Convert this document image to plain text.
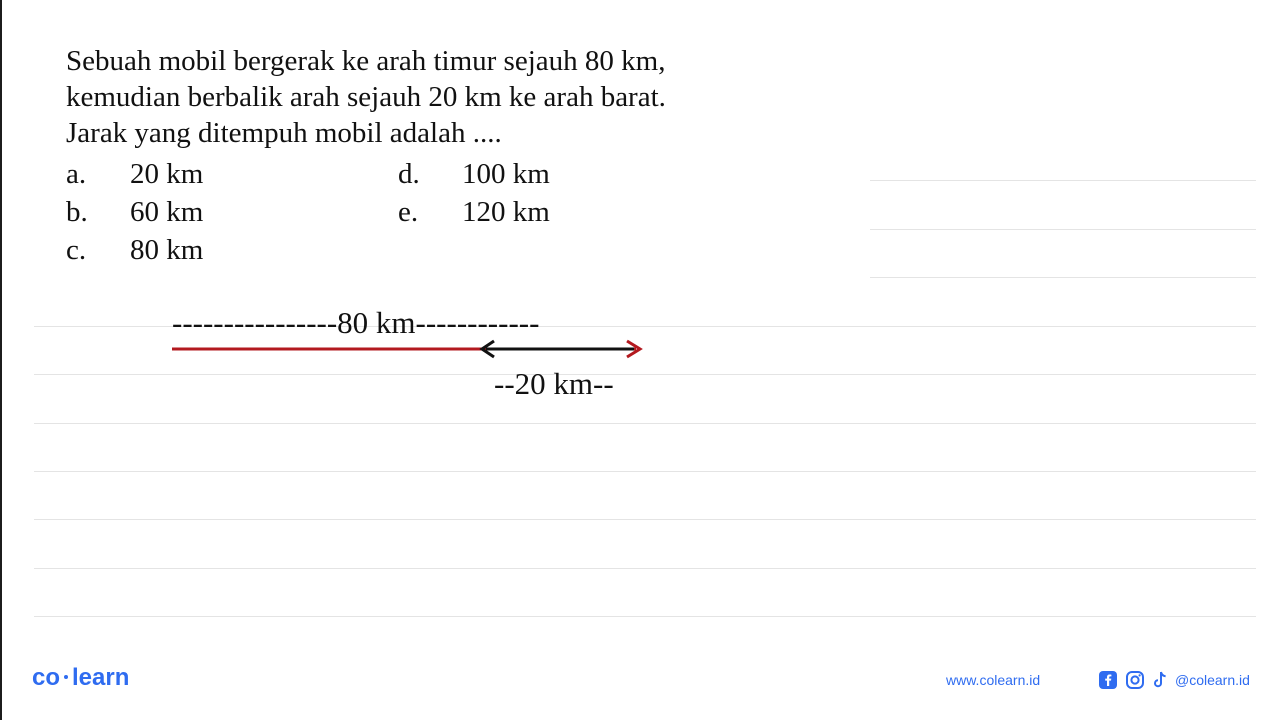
Sebuah mobil bergerak ke arah timur sejauh 80 km,
kemudian berbalik arah sejauh 20 km ke arah barat.
Jarak yang ditempuh mobil adalah ....
a. 20 km
b. 60 km
c. 80 km
d. 100 km
e. 120 km
----------------80 km------------
--20 km--
co learn	www.colearn.id	@colearn.id
